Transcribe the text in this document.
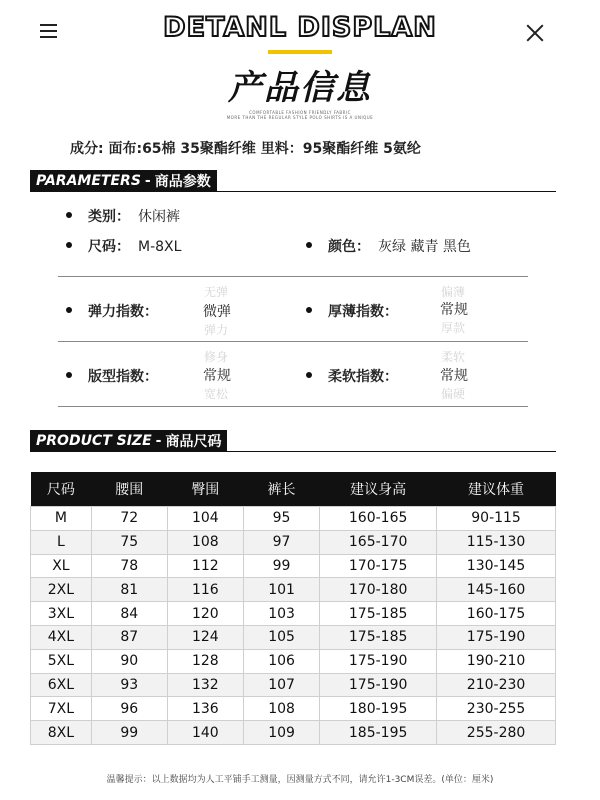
DETANL DISPLAN
产品信息
COMFORTABLE FASHION FRIENDLY FABRIC
MORE THAN THE REGULAR STYLE POLO SHIRTS IS A UNIQUE
成分: 面布:65棉 35聚酯纤维 里料：95聚酯纤维 5氨纶
PARAMETERS - 商品参数
类别： 休闲裤
尺码： M-8XL	颜色： 灰绿 藏青 黑色
弹力指数：
无弹
微弹
弹力
厚薄指数：
偏薄
常规
厚款
版型指数：
修身
常规
宽松
柔软指数：
柔软
常规
偏硬
PRODUCT SIZE - 商品尺码
尺码	腰围	臀围	裤长	建议身高	建议体重
M	72	104	95	160-165	90-115
L	75	108	97	165-170	115-130
XL	78	112	99	170-175	130-145
2XL	81	116	101	170-180	145-160
3XL	84	120	103	175-185	160-175
4XL	87	124	105	175-185	175-190
5XL	90	128	106	175-190	190-210
6XL	93	132	107	175-190	210-230
7XL	96	136	108	180-195	230-255
8XL	99	140	109	185-195	255-280
温馨提示：以上数据均为人工平铺手工测量，因测量方式不同，请允许1-3CM误差。(单位：厘米)
